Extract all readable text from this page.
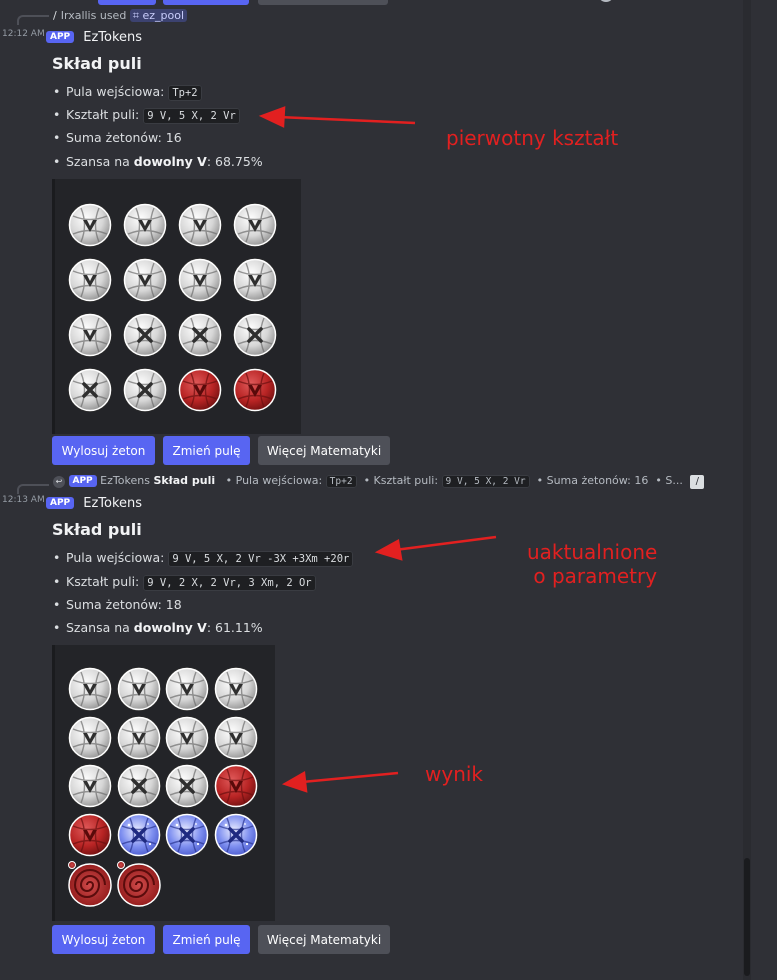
/ Irxallis used ⌗ ez_pool
12:12 AM APP EzTokens
Skład puli
• Pula wejściowa: Tp+2
• Kształt puli: 9 V, 5 X, 2 Vr
• Suma żetonów: 16
• Szansa na dowolny V: 68.75%
Wylosuj żeton	Zmień pulę	Więcej Matematyki
↩ APP EzTokens Skład puli • Pula wejściowa: Tp+2 • Kształt puli: 9 V, 5 X, 2 Vr • Suma żetonów: 16 • S... /
12:13 AM APP EzTokens
Skład puli
• Pula wejściowa: 9 V, 5 X, 2 Vr -3X +3Xm +20r
• Kształt puli: 9 V, 2 X, 2 Vr, 3 Xm, 2 Or
• Suma żetonów: 18
• Szansa na dowolny V: 61.11%
Wylosuj żeton	Zmień pulę	Więcej Matematyki
pierwotny kształt
uaktualnione
o parametry
wynik
